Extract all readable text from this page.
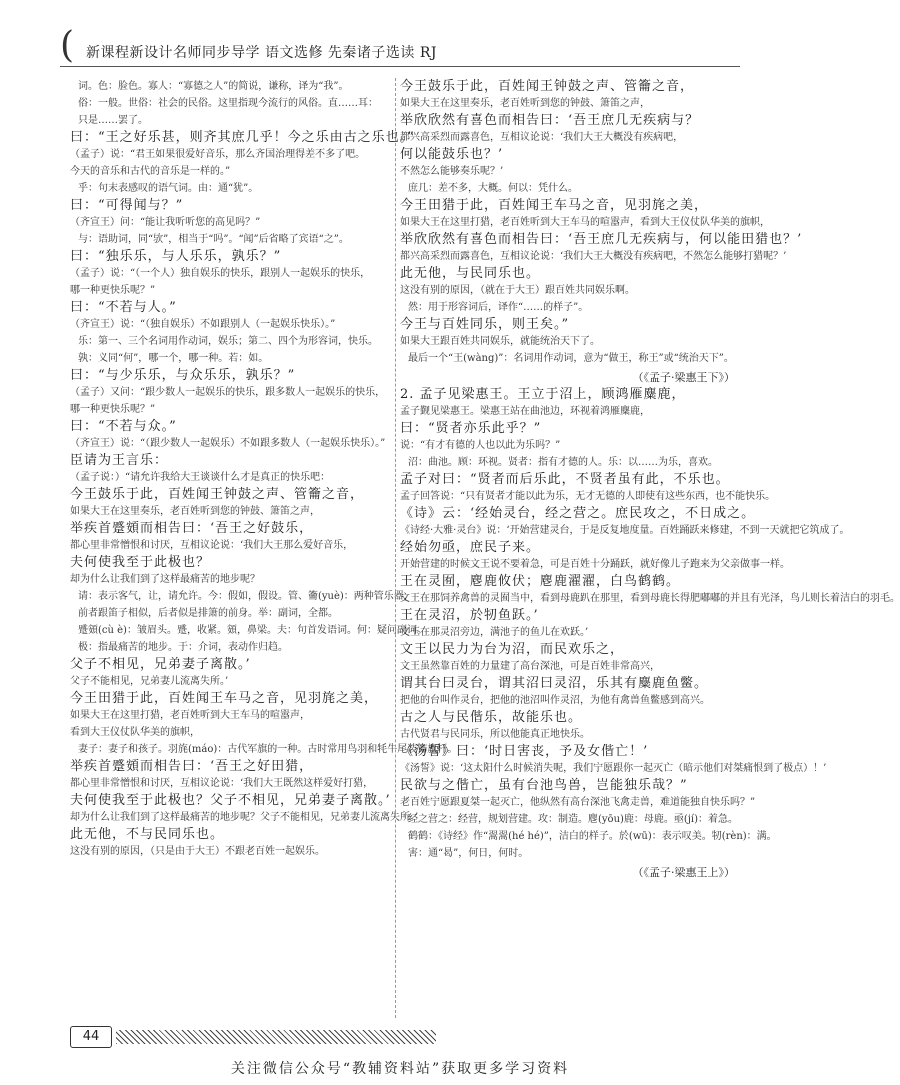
( 新课程新设计名师同步导学 语文选修 先秦诸子选读 RJ
词。色：脸色。寡人：“寡德之人”的简说，谦称，译为“我”。
俗：一般。世俗：社会的民俗。这里指现今流行的风俗。直……耳：
只是……罢了。
曰：“王之好乐甚，则齐其庶几乎！今之乐由古之乐也。”
（孟子）说：“君王如果很爱好音乐，那么齐国治理得差不多了吧。
今天的音乐和古代的音乐是一样的。”
乎：句末表感叹的语气词。由：通“犹”。
曰：“可得闻与？”
（齐宣王）问：“能让我听听您的高见吗？”
与：语助词，同“欤”，相当于“吗”。“闻”后省略了宾语“之”。
曰：“独乐乐，与人乐乐，孰乐？”
（孟子）说：“（一个人）独自娱乐的快乐，跟别人一起娱乐的快乐，
哪一种更快乐呢？”
曰：“不若与人。”
（齐宣王）说：“（独自娱乐）不如跟别人（一起娱乐快乐）。”
乐：第一、三个名词用作动词，娱乐；第二、四个为形容词，快乐。
孰：义同“何”，哪一个，哪一种。若：如。
曰：“与少乐乐，与众乐乐，孰乐？”
（孟子）又问：“跟少数人一起娱乐的快乐，跟多数人一起娱乐的快乐，
哪一种更快乐呢？”
曰：“不若与众。”
（齐宣王）说：“（跟少数人一起娱乐）不如跟多数人（一起娱乐快乐）。”
臣请为王言乐：
（孟子说：）“请允许我给大王谈谈什么才是真正的快乐吧：
今王鼓乐于此，百姓闻王钟鼓之声、管籥之音，
如果大王在这里奏乐，老百姓听到您的钟鼓、箫笛之声，
举疾首蹙頞而相告曰：‘吾王之好鼓乐，
都心里非常憎恨和讨厌，互相议论说：‘我们大王那么爱好音乐，
夫何使我至于此极也？
却为什么让我们到了这样最痛苦的地步呢？
请：表示客气，让，请允许。今：假如，假设。管、籥(yuè)：两种管乐器，
前者跟笛子相似，后者似是排箫的前身。举：副词，全都。
蹙頞(cù è)：皱眉头。蹙，收紧。頞，鼻梁。夫：句首发语词。何：疑问副词。
极：指最痛苦的地步。于：介词，表动作归趋。
父子不相见，兄弟妻子离散。’
父子不能相见，兄弟妻儿流离失所。’
今王田猎于此，百姓闻王车马之音，见羽旄之美，
如果大王在这里打猎，老百姓听到大王车马的喧嚣声，
看到大王仪仗队华美的旗帜，
妻子：妻子和孩子。羽旄(máo)：古代军旗的一种。古时常用鸟羽和牦牛尾装饰旗杆。
举疾首蹙頞而相告曰：‘吾王之好田猎，
都心里非常憎恨和讨厌，互相议论说：‘我们大王既然这样爱好打猎，
夫何使我至于此极也？父子不相见，兄弟妻子离散。’
却为什么让我们到了这样最痛苦的地步呢？父子不能相见，兄弟妻儿流离失所。’
此无他，不与民同乐也。
这没有别的原因，（只是由于大王）不跟老百姓一起娱乐。
今王鼓乐于此，百姓闻王钟鼓之声、管籥之音，
如果大王在这里奏乐，老百姓听到您的钟鼓、箫笛之声，
举欣欣然有喜色而相告曰：‘吾王庶几无疾病与？
都兴高采烈而露喜色，互相议论说：‘我们大王大概没有疾病吧，
何以能鼓乐也？’
不然怎么能够奏乐呢？’
庶几：差不多，大概。何以：凭什么。
今王田猎于此，百姓闻王车马之音，见羽旄之美，
如果大王在这里打猎，老百姓听到大王车马的喧嚣声，看到大王仪仗队华美的旗帜，
举欣欣然有喜色而相告曰：‘吾王庶几无疾病与，何以能田猎也？’
都兴高采烈而露喜色，互相议论说：‘我们大王大概没有疾病吧，不然怎么能够打猎呢？’
此无他，与民同乐也。
这没有别的原因，（就在于大王）跟百姓共同娱乐啊。
然：用于形容词后，译作“……的样子”。
今王与百姓同乐，则王矣。”
如果大王跟百姓共同娱乐，就能统治天下了。
最后一个“王(wàng)”：名词用作动词，意为“做王，称王”或“统治天下”。
（《孟子·梁惠王下》）
2. 孟子见梁惠王。王立于沼上，顾鸿雁麋鹿，
孟子觐见梁惠王。梁惠王站在曲池边，环视着鸿雁麋鹿，
曰：“贤者亦乐此乎？”
说：“有才有德的人也以此为乐吗？”
沼：曲池。顾：环视。贤者：指有才德的人。乐：以……为乐，喜欢。
孟子对曰：“贤者而后乐此，不贤者虽有此，不乐也。
孟子回答说：“只有贤者才能以此为乐，无才无德的人即使有这些东西，也不能快乐。
《诗》云：‘经始灵台，经之营之。庶民攻之，不日成之。
《诗经·大雅·灵台》说：‘开始营建灵台，于是反复地度量。百姓踊跃来修建，不到一天就把它筑成了。
经始勿亟，庶民子来。
开始营建的时候文王说不要着急，可是百姓十分踊跃，就好像儿子跑来为父亲做事一样。
王在灵囿，麀鹿攸伏；麀鹿濯濯，白鸟鹤鹤。
文王在那饲养禽兽的灵囿当中，看到母鹿趴在那里，看到母鹿长得肥嘟嘟的并且有光泽，鸟儿则长着洁白的羽毛。
王在灵沼，於牣鱼跃。’
文王在那灵沼旁边，满池子的鱼儿在欢跃。’
文王以民力为台为沼，而民欢乐之，
文王虽然靠百姓的力量建了高台深池，可是百姓非常高兴，
谓其台曰灵台，谓其沼曰灵沼，乐其有麋鹿鱼鳖。
把他的台叫作灵台，把他的池沼叫作灵沼，为他有禽兽鱼鳖感到高兴。
古之人与民偕乐，故能乐也。
古代贤君与民同乐，所以他能真正地快乐。
《汤誓》曰：‘时日害丧，予及女偕亡！’
《汤誓》说：‘这太阳什么时候消失呢，我们宁愿跟你一起灭亡（暗示他们对桀痛恨到了极点）！’
民欲与之偕亡，虽有台池鸟兽，岂能独乐哉？”
老百姓宁愿跟夏桀一起灭亡，他纵然有高台深池飞禽走兽，难道能独自快乐吗？”
经之营之：经营，规划营建。攻：制造。麀(yōu)鹿：母鹿。亟(jí)：着急。
鹤鹤：《诗经》作“翯翯(hé hé)”，洁白的样子。於(wū)：表示叹美。牣(rèn)：满。
害：通“曷”，何日，何时。
（《孟子·梁惠王上》）
44
关注微信公众号“教辅资料站”获取更多学习资料
